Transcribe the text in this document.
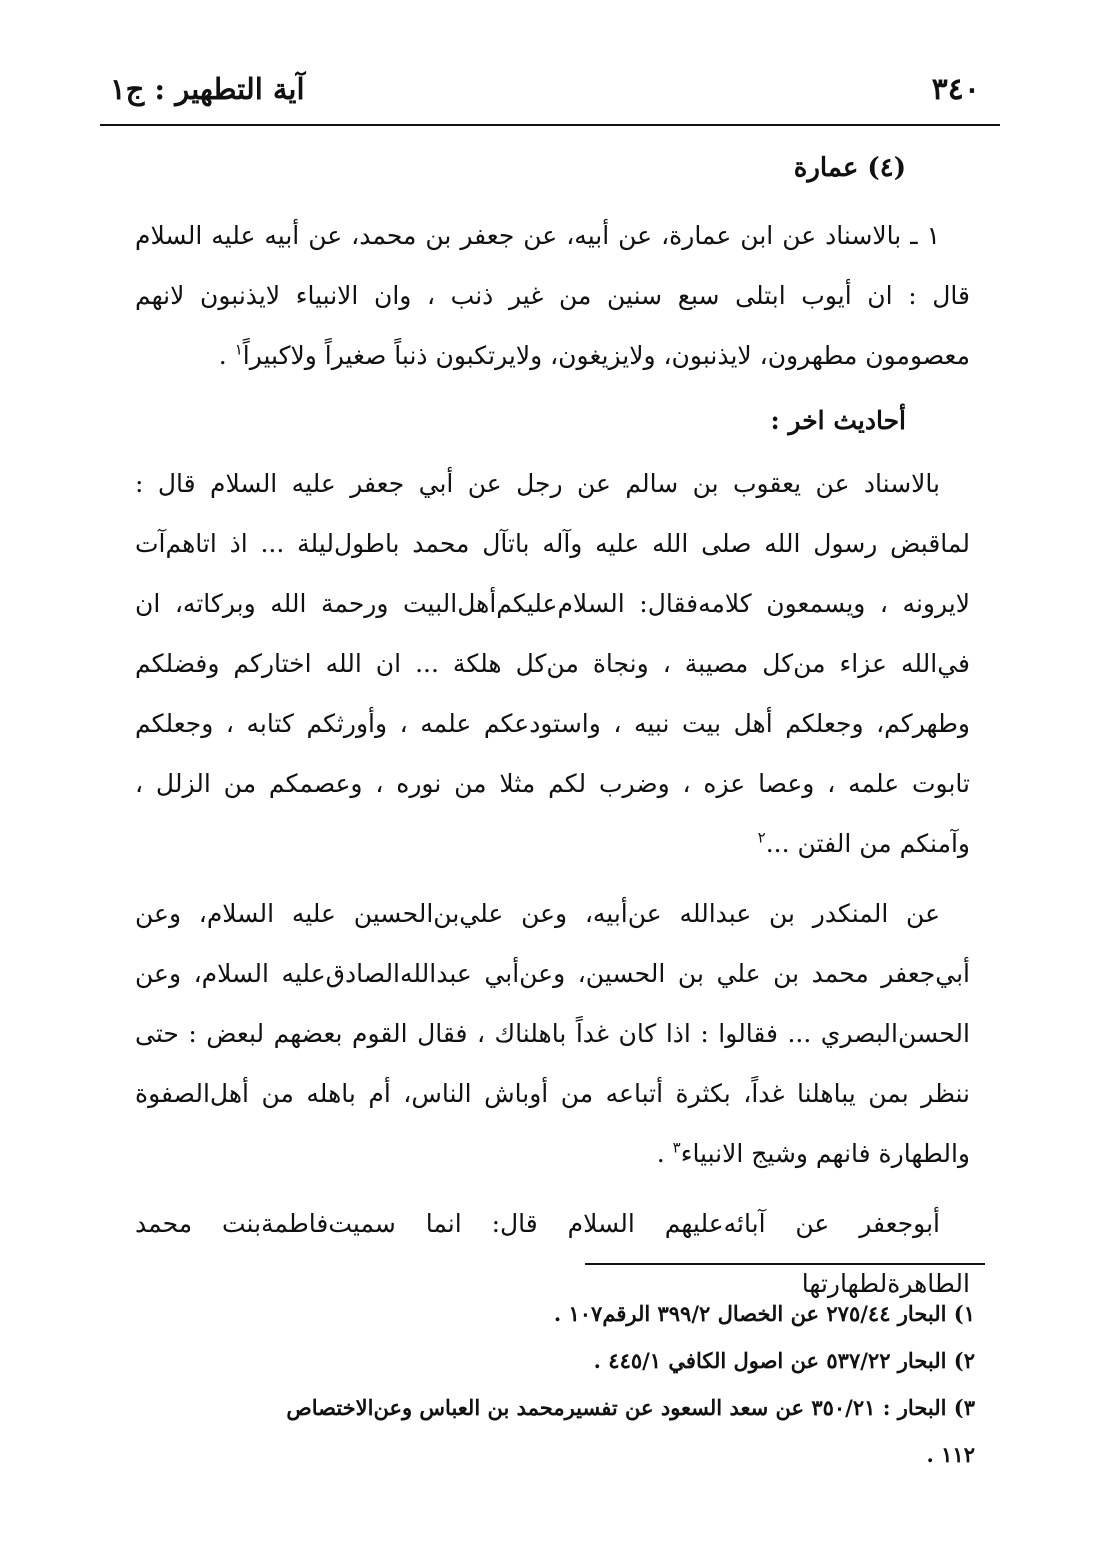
٣٤٠
آية التطهير : ج١
(٤) عمارة

١ ـ بالاسناد عن ابن عمارة، عن أبيه، عن جعفر بن محمد، عن أبيه عليه السلام قال : ان أيوب ابتلى سبع سنين من غير ذنب ، وان الانبياء لايذنبون لانهم معصومون مطهرون، لايذنبون، ولايزيغون، ولايرتكبون ذنباً صغيراً ولاكبيراً$^١$ .

أحاديث اخر :

بالاسناد عن يعقوب بن سالم عن رجل عن أبي جعفر عليه السلام قال : لماقبض رسول الله صلى الله عليه وآله باتآل محمد باطول‌ليلة ... اذ اتاهم‌آت لايرونه ، ويسمعون كلامه‌فقال: السلام‌عليكم‌أهل‌البيت ورحمة الله وبركاته، ان في‌الله عزاء من‌كل مصيبة ، ونجاة من‌كل هلكة ... ان الله اختاركم وفضلكم وطهركم، وجعلكم أهل بيت نبيه ، واستودعكم علمه ، وأورثكم كتابه ، وجعلكم تابوت علمه ، وعصا عزه ، وضرب لكم مثلا من نوره ، وعصمكم من الزلل ، وآمنكم من الفتن ...$^٢$

عن المنكدر بن عبدالله عن‌أبيه، وعن علي‌بن‌الحسين عليه السلام، وعن أبي‌جعفر محمد بن علي بن الحسين، وعن‌أبي عبدالله‌الصادق‌عليه السلام، وعن الحسن‌البصري ... فقالوا : اذا كان غداً باهلناك ، فقال القوم بعضهم لبعض : حتى ننظر بمن يباهلنا غداً، بكثرة أتباعه من أوباش الناس، أم باهله من أهل‌الصفوة والطهارة فانهم وشيج الانبياء$^٣$ .

أبوجعفر عن آبائه‌عليهم السلام قال: انما سميت‌فاطمة‌بنت محمد الطاهرة‌لطهارتها

١) البحار ٢٧٥/٤٤ عن الخصال ٣٩٩/٢ الرقم١٠٧ .

٢) البحار ٥٣٧/٢٢ عن اصول الكافي ٤٤٥/١ .

٣) البحار : ٣٥٠/٢١ عن سعد السعود عن تفسيرمحمد بن العباس وعن‌الاختصاص

١١٢ .
